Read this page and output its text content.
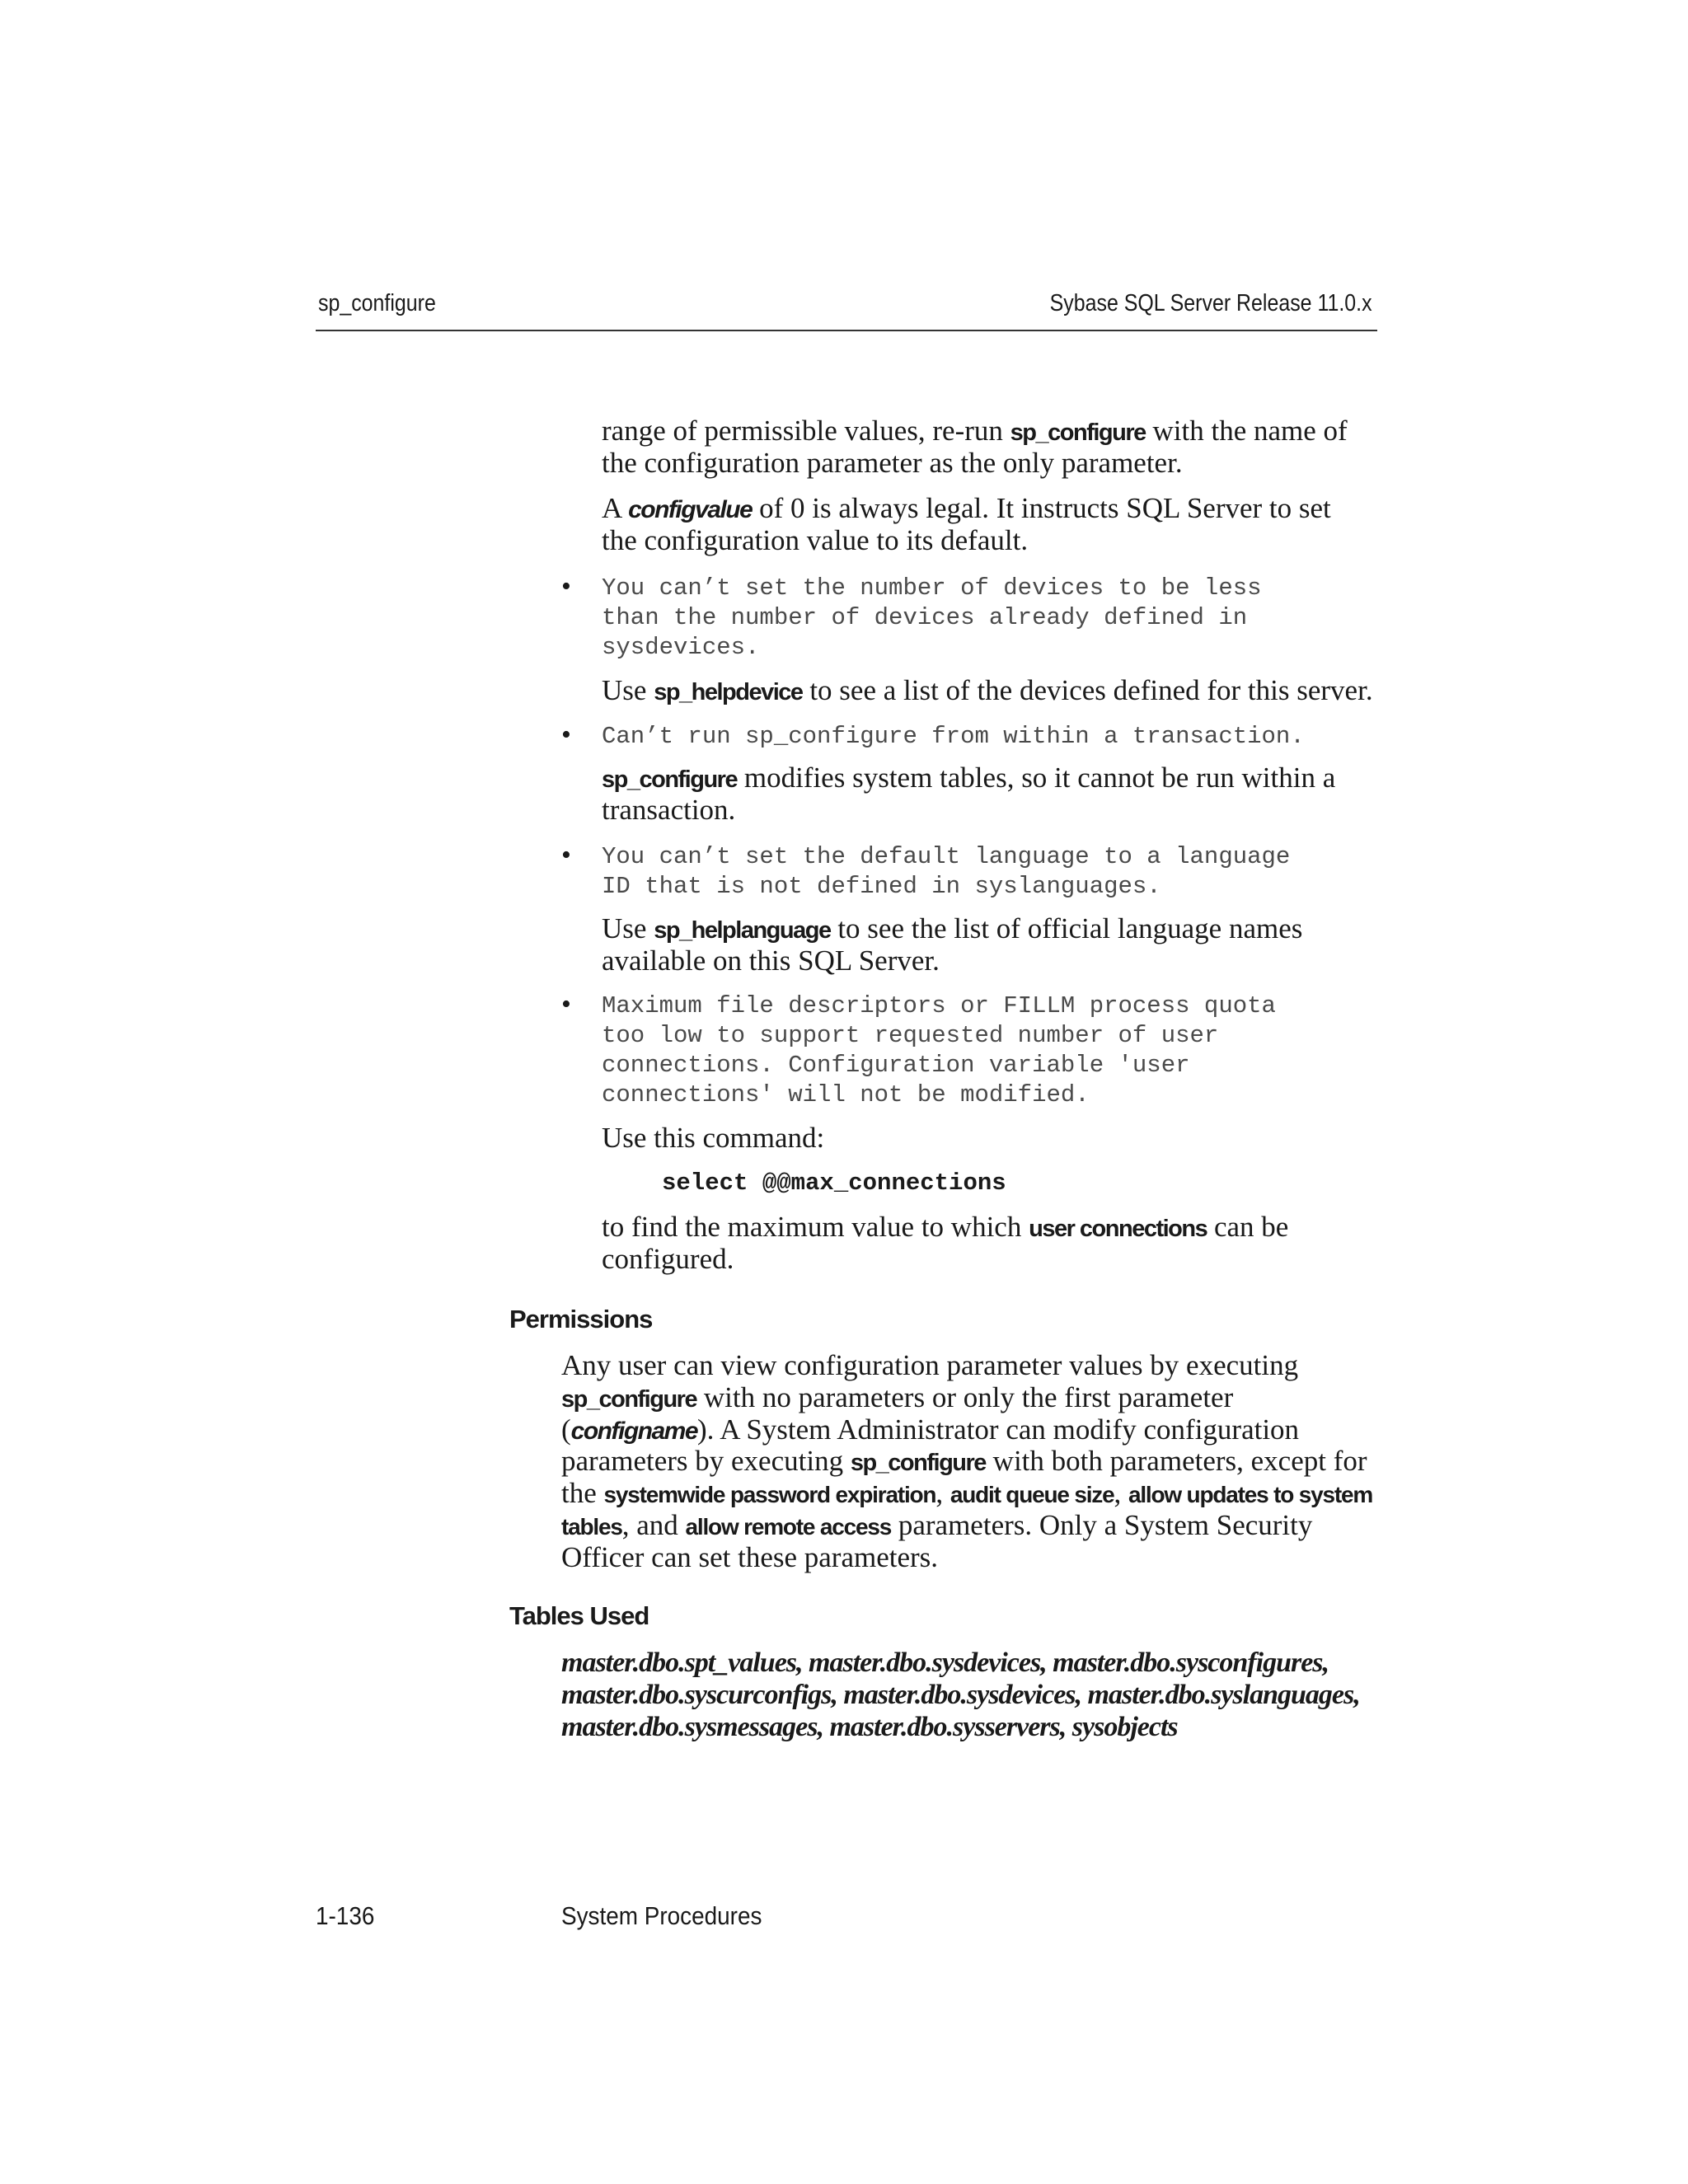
sp_configure	Sybase SQL Server Release 11.0.x

range of permissible values, re-run sp_configure with the name of

the configuration parameter as the only parameter.

A configvalue of 0 is always legal. It instructs SQL Server to set

the configuration value to its default.

• You can’t set the number of devices to be less

than the number of devices already defined in

sysdevices.

Use sp_helpdevice to see a list of the devices defined for this server.

• Can’t run sp_configure from within a transaction.

sp_configure modifies system tables, so it cannot be run within a

transaction.

• You can’t set the default language to a language

ID that is not defined in syslanguages.

Use sp_helplanguage to see the list of official language names

available on this SQL Server.

• Maximum file descriptors or FILLM process quota

too low to support requested number of user

connections. Configuration variable 'user

connections' will not be modified.

Use this command:

select @@max_connections

to find the maximum value to which user connections can be

configured.

Permissions

Any user can view configuration parameter values by executing

sp_configure with no parameters or only the first parameter

(configname). A System Administrator can modify configuration

parameters by executing sp_configure with both parameters, except for

the systemwide password expiration, audit queue size, allow updates to system

tables, and allow remote access parameters. Only a System Security

Officer can set these parameters.

Tables Used

master.dbo.spt_values, master.dbo.sysdevices, master.dbo.sysconfigures,

master.dbo.syscurconfigs, master.dbo.sysdevices, master.dbo.syslanguages,

master.dbo.sysmessages, master.dbo.sysservers, sysobjects

1-136	System Procedures
